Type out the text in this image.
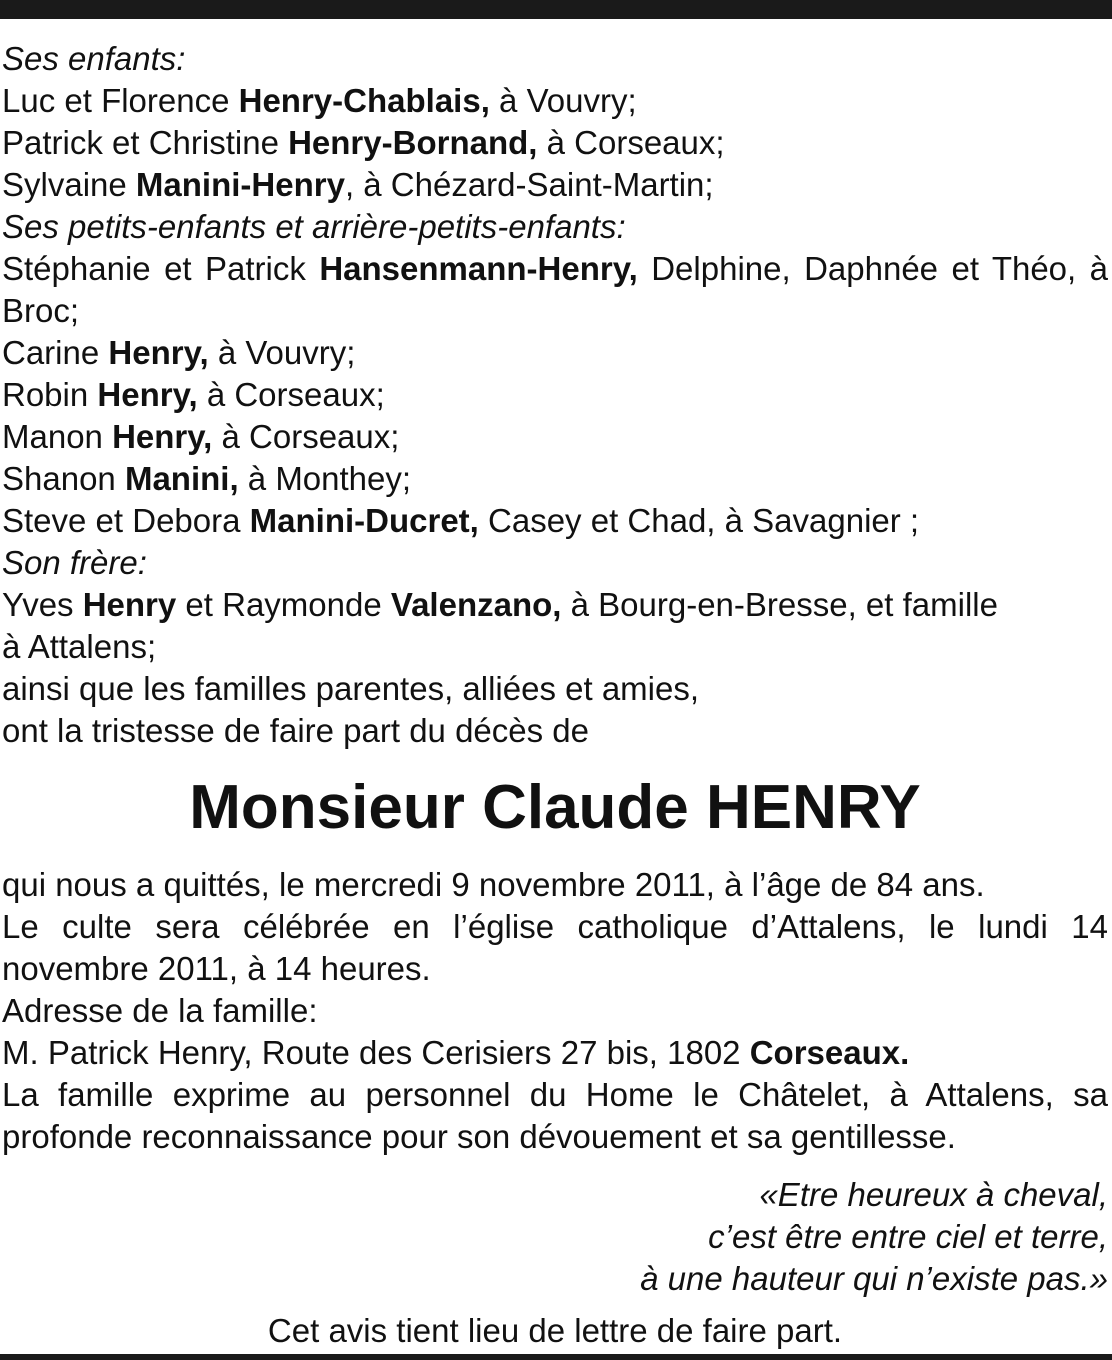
Ses enfants:
Luc et Florence Henry-Chablais, à Vouvry;
Patrick et Christine Henry-Bornand, à Corseaux;
Sylvaine Manini-Henry, à Chézard-Saint-Martin;
Ses petits-enfants et arrière-petits-enfants:
Stéphanie et Patrick Hansenmann-Henry, Delphine, Daphnée et Théo, à Broc;
Carine Henry, à Vouvry;
Robin Henry, à Corseaux;
Manon Henry, à Corseaux;
Shanon Manini, à Monthey;
Steve et Debora Manini-Ducret, Casey et Chad, à Savagnier ;
Son frère:
Yves Henry et Raymonde Valenzano, à Bourg-en-Bresse, et famille
à Attalens;
ainsi que les familles parentes, alliées et amies,
ont la tristesse de faire part du décès de
Monsieur Claude HENRY
qui nous a quittés, le mercredi 9 novembre 2011, à l’âge de 84 ans.
Le culte sera célébrée en l’église catholique d’Attalens, le lundi 14 novembre 2011, à 14 heures.
Adresse de la famille:
M. Patrick Henry, Route des Cerisiers 27 bis, 1802 Corseaux.
La famille exprime au personnel du Home le Châtelet, à Attalens, sa profonde reconnaissance pour son dévouement et sa gentillesse.
«Etre heureux à cheval,
c’est être entre ciel et terre,
à une hauteur qui n’existe pas.»
Cet avis tient lieu de lettre de faire part.
